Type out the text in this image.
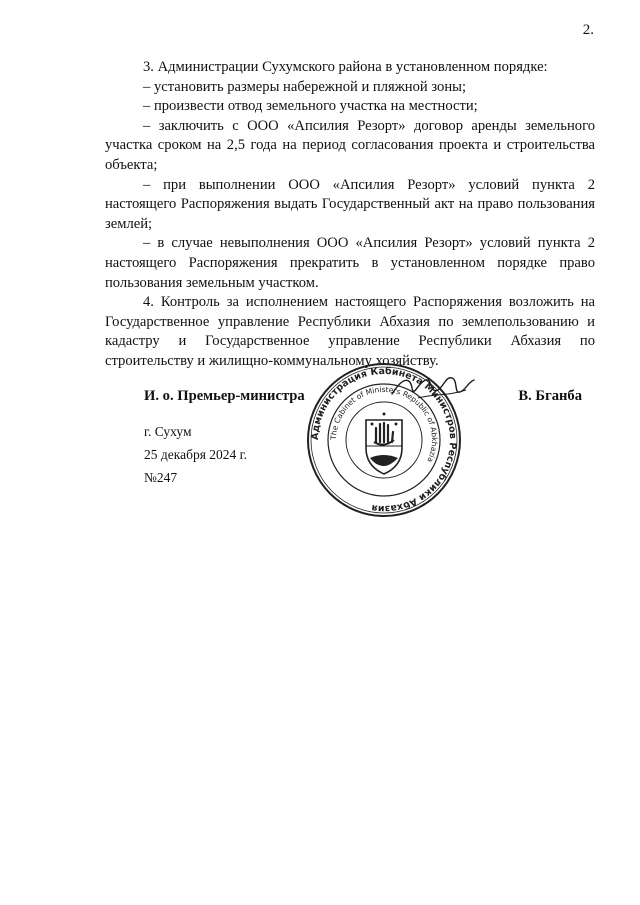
2.

3. Администрации Сухумского района в установленном порядке:

– установить размеры набережной и пляжной зоны;

– произвести отвод земельного участка на местности;

– заключить с ООО «Апсилия Резорт» договор аренды земельного участка сроком на 2,5 года на период согласования проекта и строительства объекта;

– при выполнении ООО «Апсилия Резорт» условий пункта 2 настоящего Распоряжения выдать Государственный акт на право пользования землей;

– в случае невыполнения ООО «Апсилия Резорт» условий пункта 2 настоящего Распоряжения прекратить в установленном порядке право пользования земельным участком.

4. Контроль за исполнением настоящего Распоряжения возложить на Государственное управление Республики Абхазия по землепользованию и кадастру и Государственное управление Республики Абхазия по строительству и жилищно-коммунальному хозяйству.

И. о. Премьер-министра	В. Бганба
г. Сухум
25 декабря 2024 г.
№247
Администрация Кабинета Министров Республики Абхазия
The Cabinet of Ministers Republic of Abkhazia
